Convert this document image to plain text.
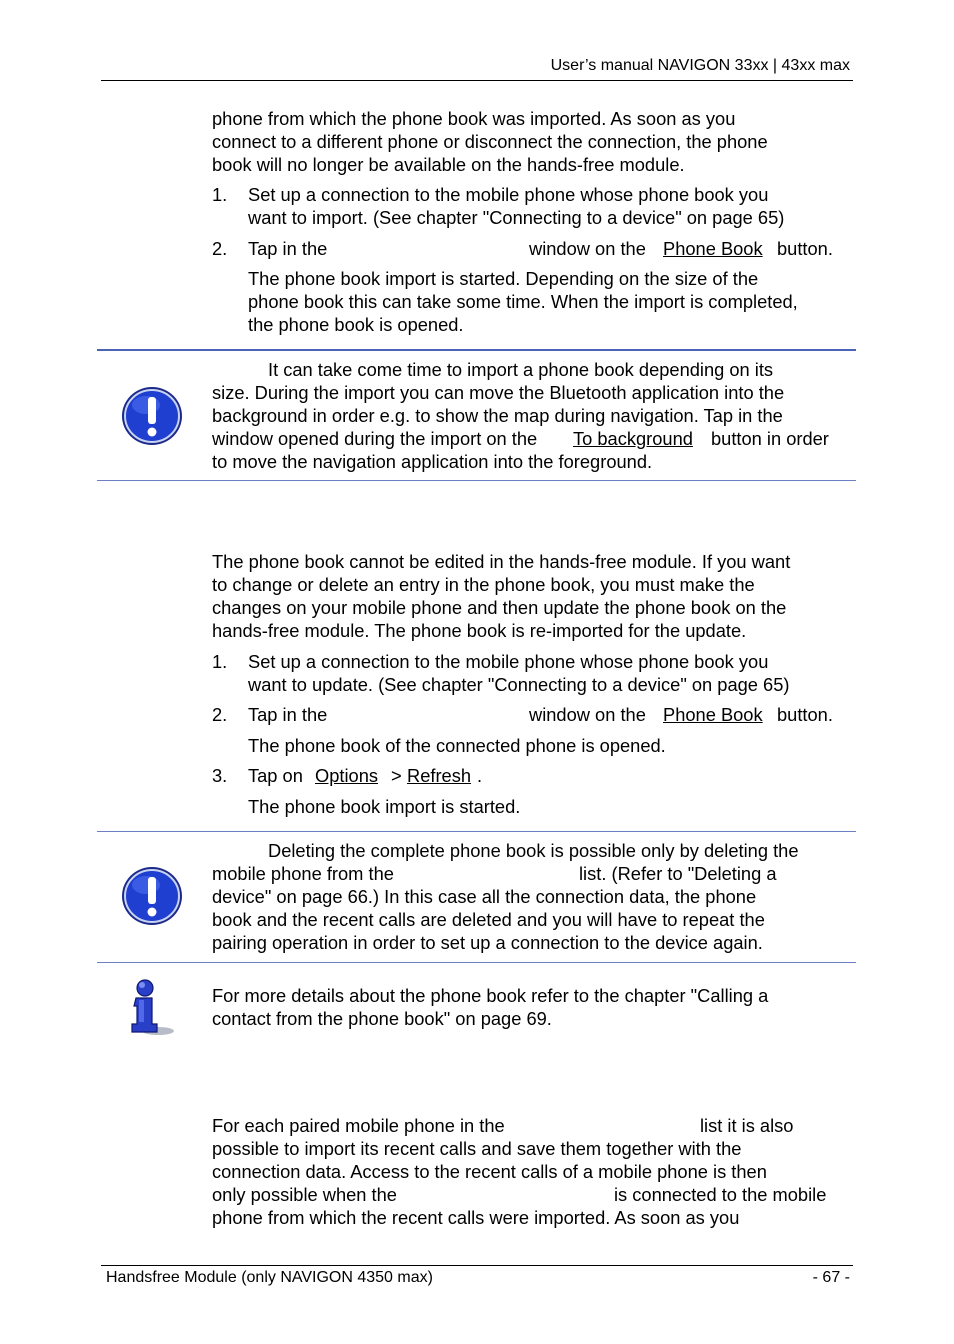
User’s manual NAVIGON 33xx | 43xx max
phone from which the phone book was imported. As soon as you
connect to a different phone or disconnect the connection, the phone
book will no longer be available on the hands-free module.
1. Set up a connection to the mobile phone whose phone book you
want to import. (See chapter "Connecting to a device" on page 65)
2. Tap in the	window on the Phone Book button.
The phone book import is started. Depending on the size of the
phone book this can take some time. When the import is completed,
the phone book is opened.
It can take come time to import a phone book depending on its
size. During the import you can move the Bluetooth application into the
background in order e.g. to show the map during navigation. Tap in the
window opened during the import on the To background button in order
to move the navigation application into the foreground.
The phone book cannot be edited in the hands-free module. If you want
to change or delete an entry in the phone book, you must make the
changes on your mobile phone and then update the phone book on the
hands-free module. The phone book is re-imported for the update.
1. Set up a connection to the mobile phone whose phone book you
want to update. (See chapter "Connecting to a device" on page 65)
2. Tap in the	window on the Phone Book button.
The phone book of the connected phone is opened.
3. Tap on Options > Refresh .
The phone book import is started.
Deleting the complete phone book is possible only by deleting the
mobile phone from the	list. (Refer to "Deleting a
device" on page 66.) In this case all the connection data, the phone
book and the recent calls are deleted and you will have to repeat the
pairing operation in order to set up a connection to the device again.
For more details about the phone book refer to the chapter "Calling a
contact from the phone book" on page 69.
For each paired mobile phone in the	list it is also
possible to import its recent calls and save them together with the
connection data. Access to the recent calls of a mobile phone is then
only possible when the	is connected to the mobile
phone from which the recent calls were imported. As soon as you
Handsfree Module (only NAVIGON 4350 max)	- 67 -
